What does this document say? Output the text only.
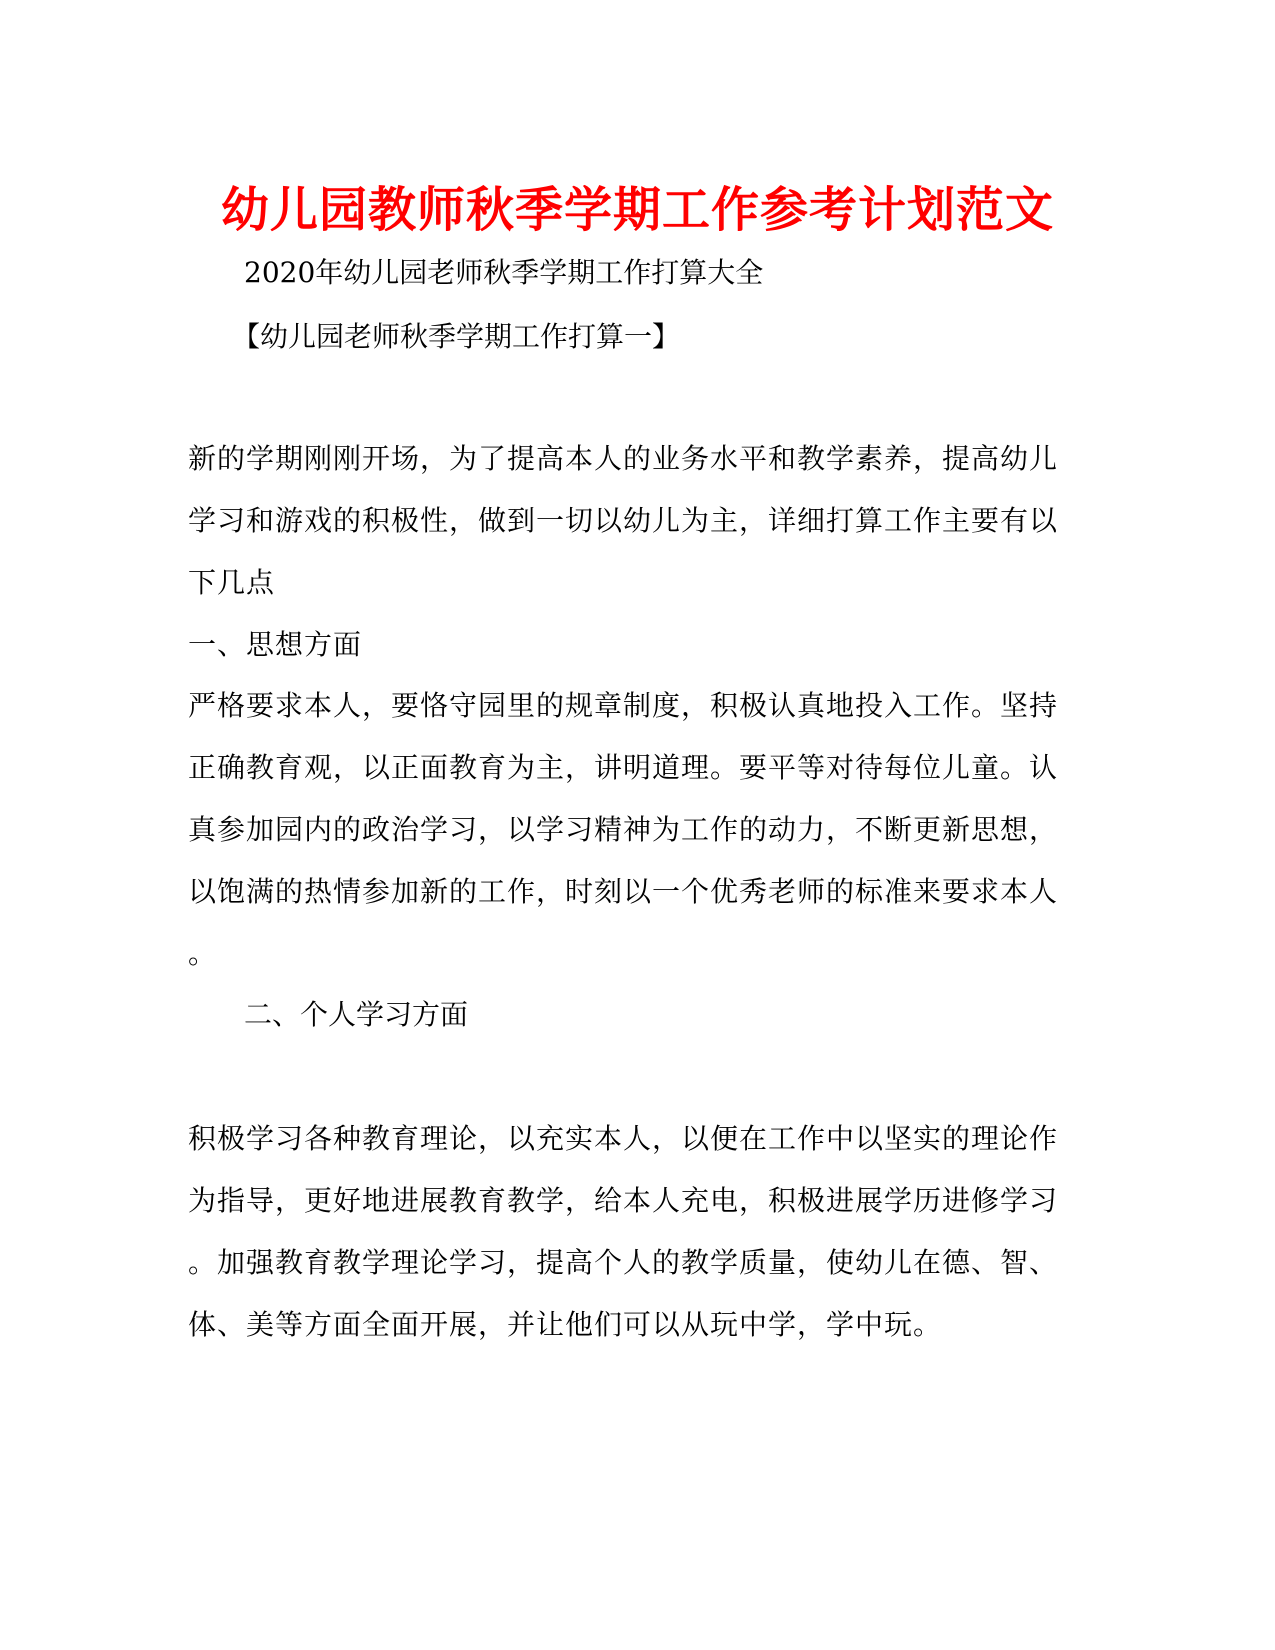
幼儿园教师秋季学期工作参考计划范文
2020年幼儿园老师秋季学期工作打算大全
【幼儿园老师秋季学期工作打算一】
新的学期刚刚开场，为了提高本人的业务水平和教学素养，提高幼儿
学习和游戏的积极性，做到一切以幼儿为主，详细打算工作主要有以
下几点
一、思想方面
严格要求本人，要恪守园里的规章制度，积极认真地投入工作。坚持
正确教育观，以正面教育为主，讲明道理。要平等对待每位儿童。认
真参加园内的政治学习，以学习精神为工作的动力，不断更新思想，
以饱满的热情参加新的工作，时刻以一个优秀老师的标准来要求本人
。
二、个人学习方面
积极学习各种教育理论，以充实本人，以便在工作中以坚实的理论作
为指导，更好地进展教育教学，给本人充电，积极进展学历进修学习
。加强教育教学理论学习，提高个人的教学质量，使幼儿在德、智、
体、美等方面全面开展，并让他们可以从玩中学，学中玩。
